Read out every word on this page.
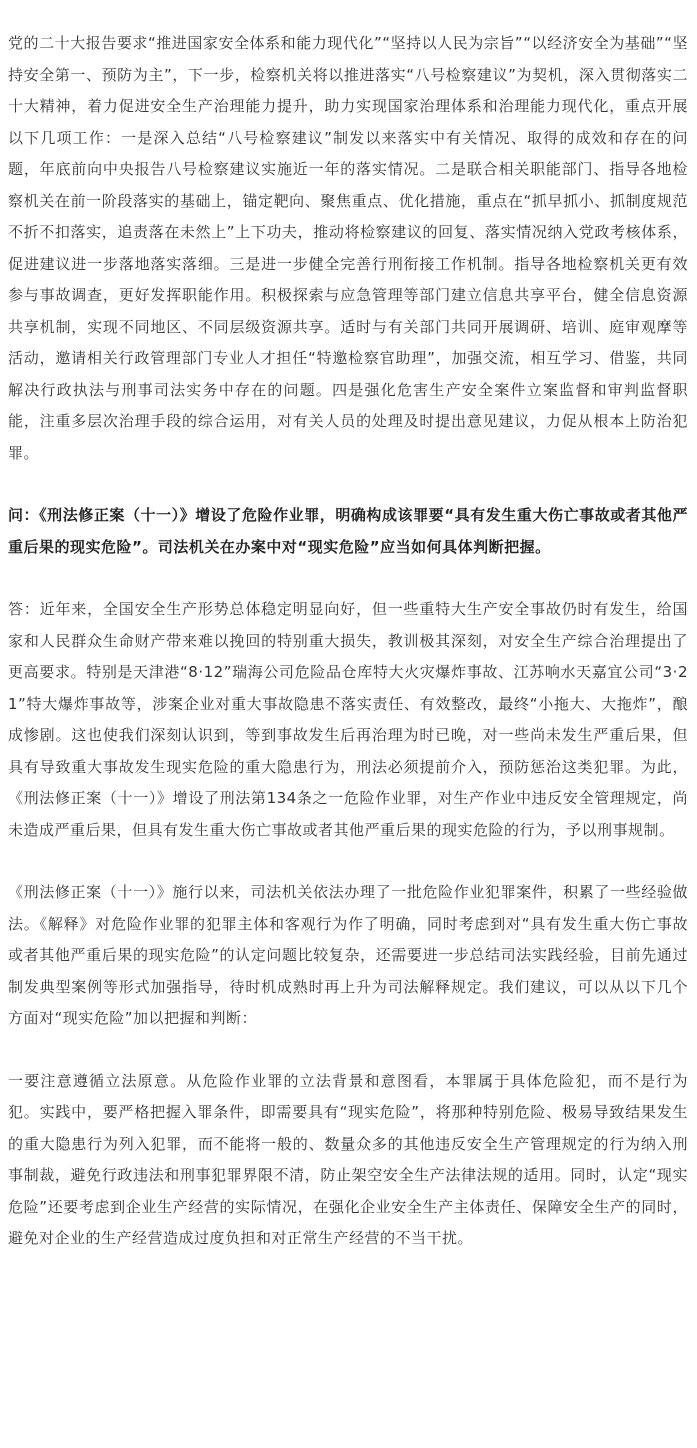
党的二十大报告要求“推进国家安全体系和能力现代化”“坚持以人民为宗旨”“以经济安全为基础”“坚持安全第一、预防为主”，下一步，检察机关将以推进落实“八号检察建议”为契机，深入贯彻落实二十大精神，着力促进安全生产治理能力提升，助力实现国家治理体系和治理能力现代化，重点开展以下几项工作：一是深入总结“八号检察建议”制发以来落实中有关情况、取得的成效和存在的问题，年底前向中央报告八号检察建议实施近一年的落实情况。二是联合相关职能部门、指导各地检察机关在前一阶段落实的基础上，锚定靶向、聚焦重点、优化措施，重点在“抓早抓小、抓制度规范不折不扣落实，追责落在未然上”上下功夫，推动将检察建议的回复、落实情况纳入党政考核体系，促进建议进一步落地落实落细。三是进一步健全完善行刑衔接工作机制。指导各地检察机关更有效参与事故调查，更好发挥职能作用。积极探索与应急管理等部门建立信息共享平台，健全信息资源共享机制，实现不同地区、不同层级资源共享。适时与有关部门共同开展调研、培训、庭审观摩等活动，邀请相关行政管理部门专业人才担任“特邀检察官助理”，加强交流，相互学习、借鉴，共同解决行政执法与刑事司法实务中存在的问题。四是强化危害生产安全案件立案监督和审判监督职能，注重多层次治理手段的综合运用，对有关人员的处理及时提出意见建议，力促从根本上防治犯罪。

问：《刑法修正案（十一）》增设了危险作业罪，明确构成该罪要“具有发生重大伤亡事故或者其他严重后果的现实危险”。司法机关在办案中对“现实危险”应当如何具体判断把握。

答：近年来，全国安全生产形势总体稳定明显向好，但一些重特大生产安全事故仍时有发生，给国家和人民群众生命财产带来难以挽回的特别重大损失，教训极其深刻，对安全生产综合治理提出了更高要求。特别是天津港“8·12”瑞海公司危险品仓库特大火灾爆炸事故、江苏响水天嘉宜公司“3·21”特大爆炸事故等，涉案企业对重大事故隐患不落实责任、有效整改，最终“小拖大、大拖炸”，酿成惨剧。这也使我们深刻认识到，等到事故发生后再治理为时已晚，对一些尚未发生严重后果，但具有导致重大事故发生现实危险的重大隐患行为，刑法必须提前介入，预防惩治这类犯罪。为此，《刑法修正案（十一）》增设了刑法第134条之一危险作业罪，对生产作业中违反安全管理规定，尚未造成严重后果，但具有发生重大伤亡事故或者其他严重后果的现实危险的行为，予以刑事规制。

《刑法修正案（十一）》施行以来，司法机关依法办理了一批危险作业犯罪案件，积累了一些经验做法。《解释》对危险作业罪的犯罪主体和客观行为作了明确，同时考虑到对“具有发生重大伤亡事故或者其他严重后果的现实危险”的认定问题比较复杂，还需要进一步总结司法实践经验，目前先通过制发典型案例等形式加强指导，待时机成熟时再上升为司法解释规定。我们建议，可以从以下几个方面对“现实危险”加以把握和判断：

一要注意遵循立法原意。从危险作业罪的立法背景和意图看，本罪属于具体危险犯，而不是行为犯。实践中，要严格把握入罪条件，即需要具有“现实危险”，将那种特别危险、极易导致结果发生的重大隐患行为列入犯罪，而不能将一般的、数量众多的其他违反安全生产管理规定的行为纳入刑事制裁，避免行政违法和刑事犯罪界限不清，防止架空安全生产法律法规的适用。同时，认定“现实危险”还要考虑到企业生产经营的实际情况，在强化企业安全生产主体责任、保障安全生产的同时，避免对企业的生产经营造成过度负担和对正常生产经营的不当干扰。
